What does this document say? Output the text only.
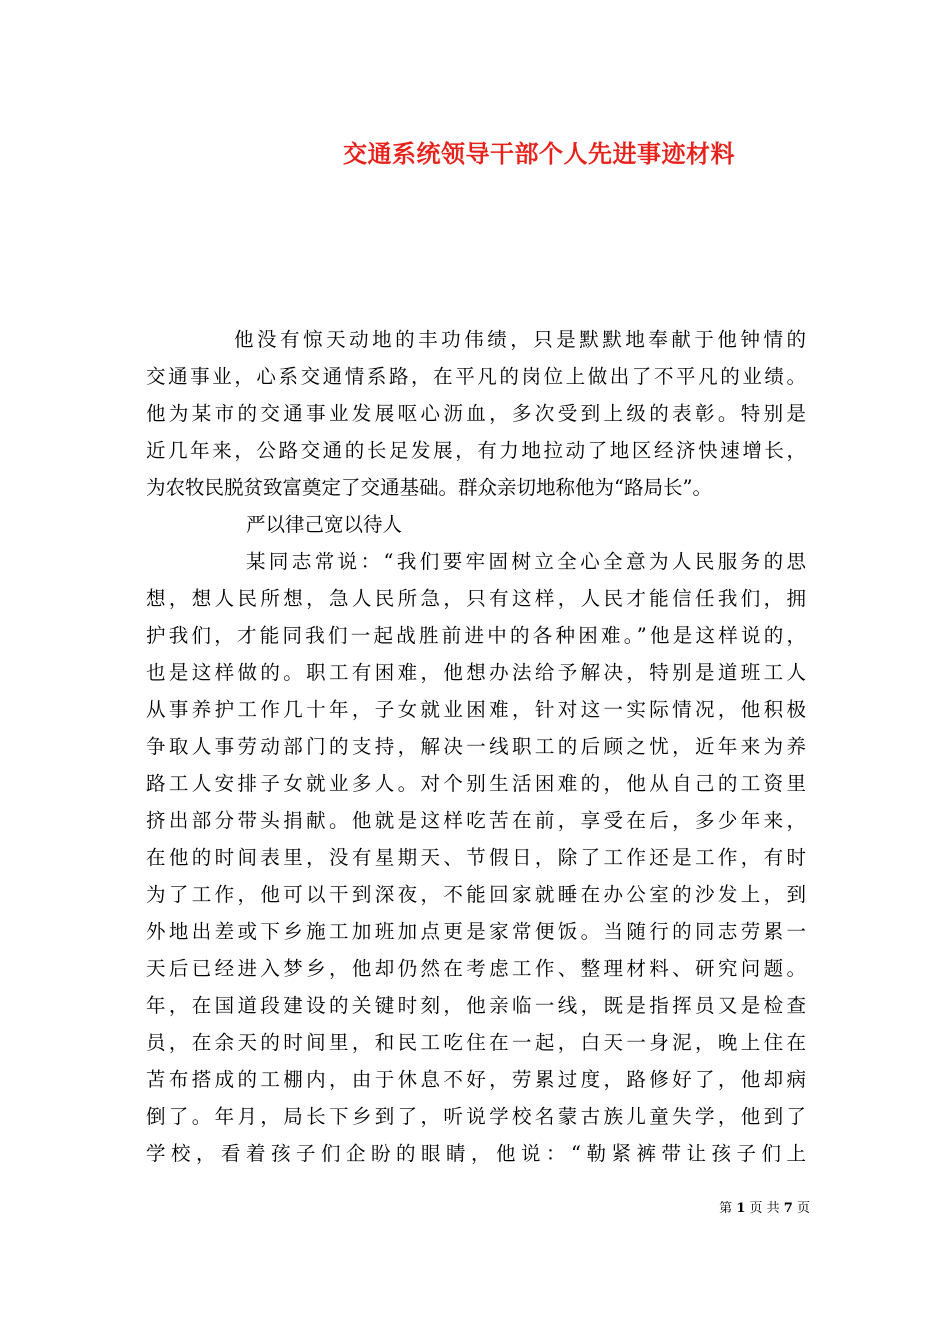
交通系统领导干部个人先进事迹材料
他没有惊天动地的丰功伟绩，只是默默地奉献于他钟情的
交通事业，心系交通情系路，在平凡的岗位上做出了不平凡的业绩。
他为某市的交通事业发展呕心沥血，多次受到上级的表彰。特别是
近几年来，公路交通的长足发展，有力地拉动了地区经济快速增长，
为农牧民脱贫致富奠定了交通基础。群众亲切地称他为“路局长”。
严以律己宽以待人
某同志常说：“我们要牢固树立全心全意为人民服务的思
想，想人民所想，急人民所急，只有这样，人民才能信任我们，拥
护我们，才能同我们一起战胜前进中的各种困难。”他是这样说的，
也是这样做的。职工有困难，他想办法给予解决，特别是道班工人
从事养护工作几十年，子女就业困难，针对这一实际情况，他积极
争取人事劳动部门的支持，解决一线职工的后顾之忧，近年来为养
路工人安排子女就业多人。对个别生活困难的，他从自己的工资里
挤出部分带头捐献。他就是这样吃苦在前，享受在后，多少年来，
在他的时间表里，没有星期天、节假日，除了工作还是工作，有时
为了工作，他可以干到深夜，不能回家就睡在办公室的沙发上，到
外地出差或下乡施工加班加点更是家常便饭。当随行的同志劳累一
天后已经进入梦乡，他却仍然在考虑工作、整理材料、研究问题。
年，在国道段建设的关键时刻，他亲临一线，既是指挥员又是检查
员，在余天的时间里，和民工吃住在一起，白天一身泥，晚上住在
苫布搭成的工棚内，由于休息不好，劳累过度，路修好了，他却病
倒了。年月，局长下乡到了，听说学校名蒙古族儿童失学，他到了
学校，看着孩子们企盼的眼睛，他说：“勒紧裤带让孩子们上
第 1 页 共 7 页
